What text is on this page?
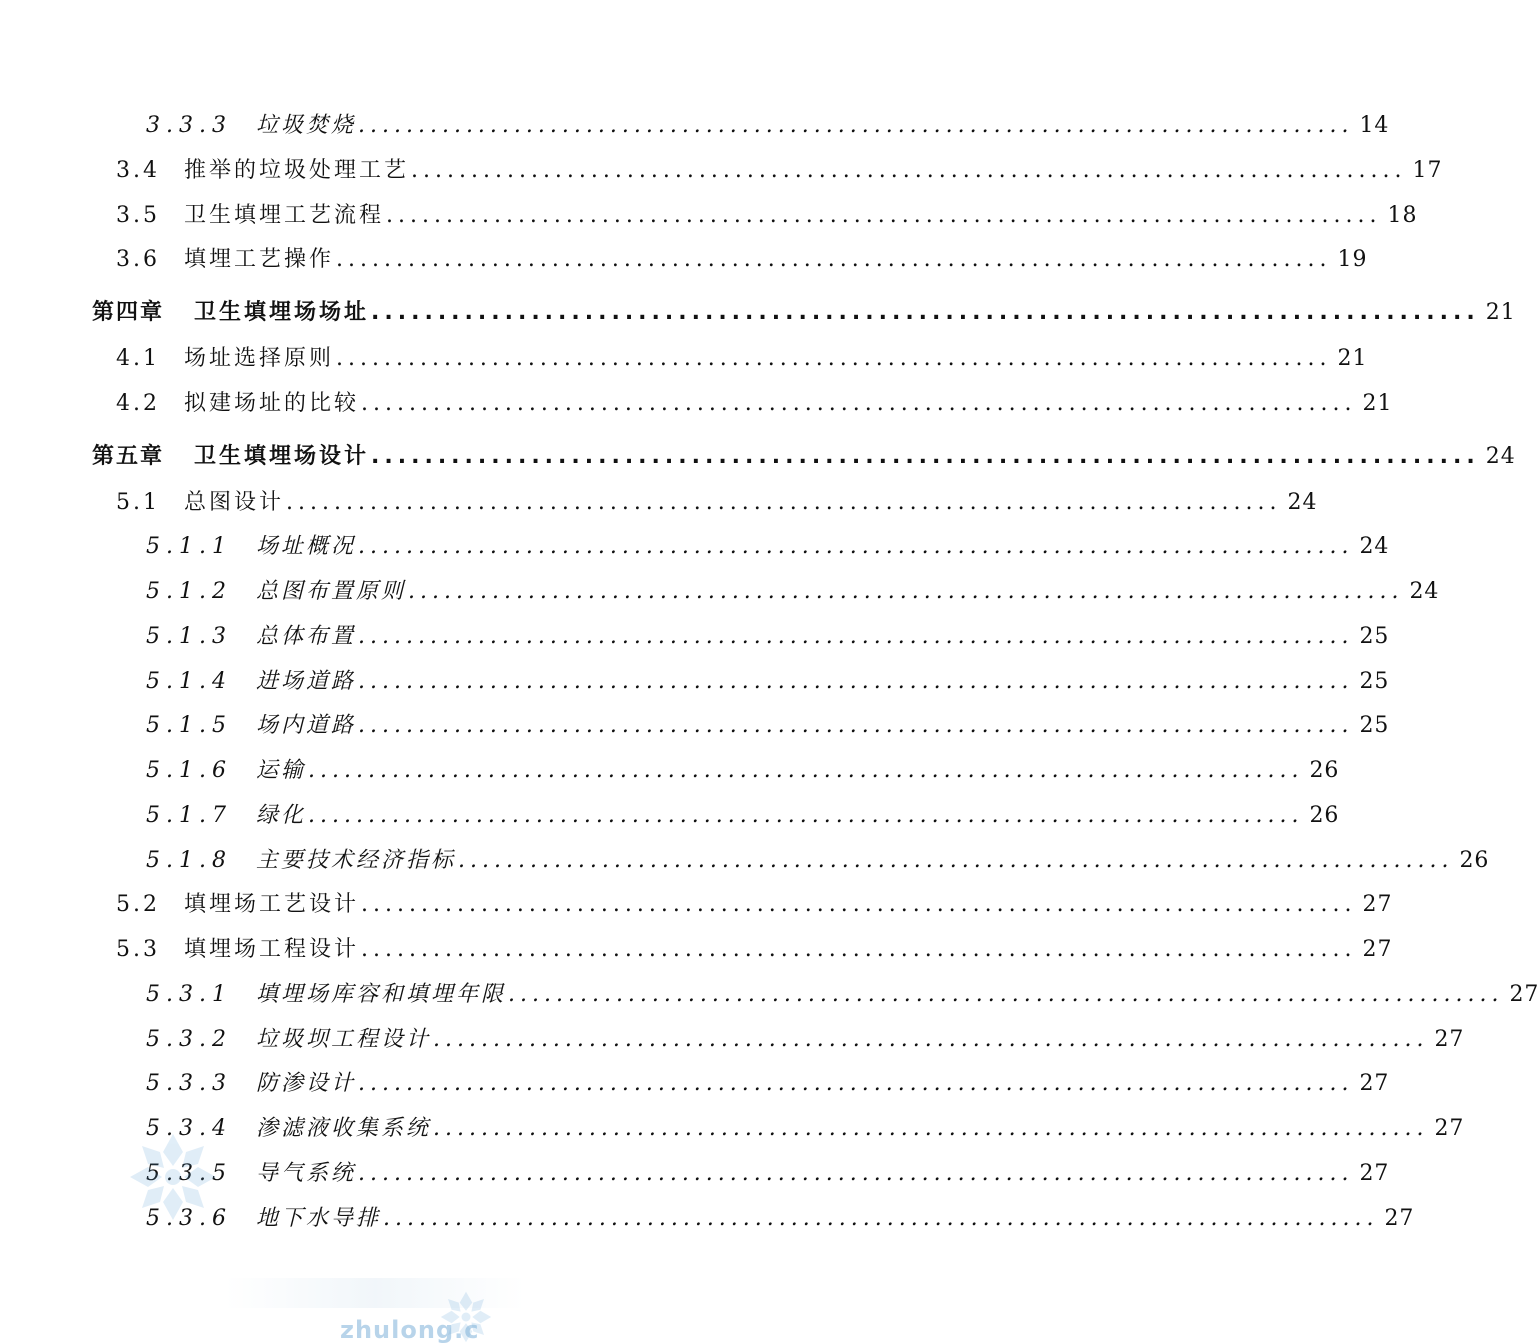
3.3.3 垃圾焚烧 ................................................................................... 14
3.4 推举的垃圾处理工艺 ................................................................................... 17
3.5 卫生填埋工艺流程 ................................................................................... 18
3.6 填埋工艺操作 ................................................................................... 19
第四章 卫生填埋场场址 ................................................................................... 21
4.1 场址选择原则 ................................................................................... 21
4.2 拟建场址的比较 ................................................................................... 21
第五章 卫生填埋场设计 ................................................................................... 24
5.1 总图设计 ................................................................................... 24
5.1.1 场址概况 ................................................................................... 24
5.1.2 总图布置原则 ................................................................................... 24
5.1.3 总体布置 ................................................................................... 25
5.1.4 进场道路 ................................................................................... 25
5.1.5 场内道路 ................................................................................... 25
5.1.6 运输 ................................................................................... 26
5.1.7 绿化 ................................................................................... 26
5.1.8 主要技术经济指标 ................................................................................... 26
5.2 填埋场工艺设计 ................................................................................... 27
5.3 填埋场工程设计 ................................................................................... 27
5.3.1 填埋场库容和填埋年限 ................................................................................... 27
5.3.2 垃圾坝工程设计 ................................................................................... 27
5.3.3 防渗设计 ................................................................................... 27
5.3.4 渗滤液收集系统 ................................................................................... 27
5.3.5 导气系统 ................................................................................... 27
5.3.6 地下水导排 ................................................................................... 27
zhulong.c
